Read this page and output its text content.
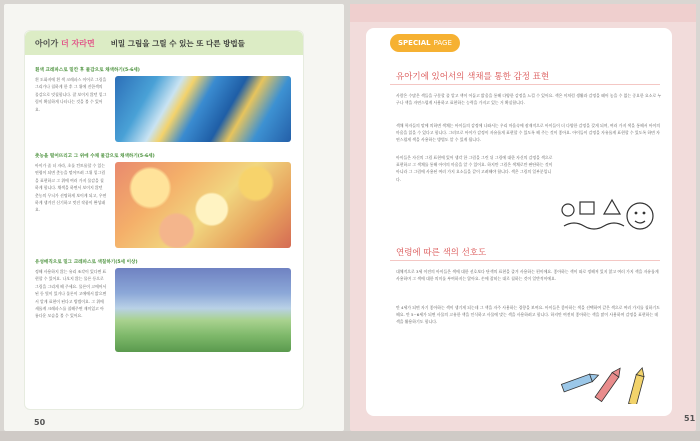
아이가 더 자라면 비밀 그림을 그릴 수 있는 또 다른 방법들
흰색 크레파스로 밑칸 후 물감으로 채색하기(5-6세)
흰 도화지에 흰 색 크레파스 이어로 그림을 그리가나 칠하게 한 후 그 위에 진한색의 물감으로 덧칠합니다. 잘 보이지 않던 밑그림이 확실하게 나타나는 것을 볼 수 있어요.
촛농을 떨어뜨리고 그 위에 수채 물감으로 채색하기(5-6세)
아이가 좀 더 자라, 초를 컨트롤할 수 있는 연령이 되면 촛농을 떨어뜨려 그위 밑그림을 표현하고 그 위에 여러 가지 물감을 칠하게 합니다. 채색을 하면서 보이지 않던 촛농의 무늬가 선명하게 보이게 되고, 우연하게 생겨진 신기하고 멋진 작품이 완성돼요.
유성매직으로 밑그 크레파스로 색칠하기(5세 이상)
정해 사용하지 않는 유리 조각이 있다면 표현할 수 있어요. 나오지 않는 물론 등으로 그림을 그리게 해 주세요. 물론이 고에어서 된 등 빛이 있거나 물론이 고에에서 밝으면서 알게 표현이 된다고 방법이요. 그 위에 새롭게 크레파스를 칠해주면 재미있고 아름다운 모습을 볼 수 있어요.
50
SPECIAL PAGE
유아기에 있어서의 색채를 통한 감정 표현
사람은 수많은 색들을 구분할 줄 알고 색이 어둡고 밝음을 통해 다양한 감정을 느낄 수 있어요. 색은 이처럼 생활과 감정을 떼어 놓을 수 없는 중요한 요소로 누구나 색을 자연스럽게 사용하고 표현하는 능력을 가지고 있는 거 확실합니다.
색채 학자들의 말에 의하면 색채는 아이들의 감정에 나와서는 우리 마음속에 잠재적으로 아이들이 더 다양한 감정을 갖게 되며, 여러 가지 색을 통해서 아이의 마음을 읽을 수 있다고 합니다. 그러므로 아이가 감정이 자유롭게 표현할 수 있도록 해 주는 것이 좋아요. 아이들이 감정을 자유롭게 표현할 수 있도록 하면 자연스럽게 색을 사용하는 방법도 알 수 있게 됩니다.
아이들은 자신의 그림 표현에 있어 생각 한 그림을 그린 뒤 그림에 대한 자신의 감정을 색으로 표현하고 그 색채를 통해 아이의 마음을 알 수 있어요. 하지만 그림은 색채로만 판단하는 것이 아니라 그 그림에 사용된 여러 가지 요소들을 같이 고려해야 합니다. 색은 그림의 일부분입니다.
연령에 따른 색의 선호도
대체적으로 3세 이전의 아이들은 색에 대한 선호보다 단색의 표현을 즐겨 사용하는 편이에요. 좋아하는 색이 따로 정해져 있지 않고 여러 가지 색을 자유롭게 사용하며 그 색에 대한 의미를 부여하지는 않아요. 손에 잡히는 대로 칠하는 것이 일반적이에요.
만 4세가 되면 자기 좋아하는 색이 생기게 되는데 그 색을 자주 사용하는 경향을 보여요. 아이들은 좋아하는 색을 선택하여 같은 색으로 여러 가지를 칠하기도 해요. 만 5~6세가 되면 사물의 고유한 색을 인식하고 사물에 맞는 색을 사용하려고 합니다. 하지만 여전히 좋아하는 색을 많이 사용하며 감정을 표현하는 데 색을 활용하기도 합니다.
51
